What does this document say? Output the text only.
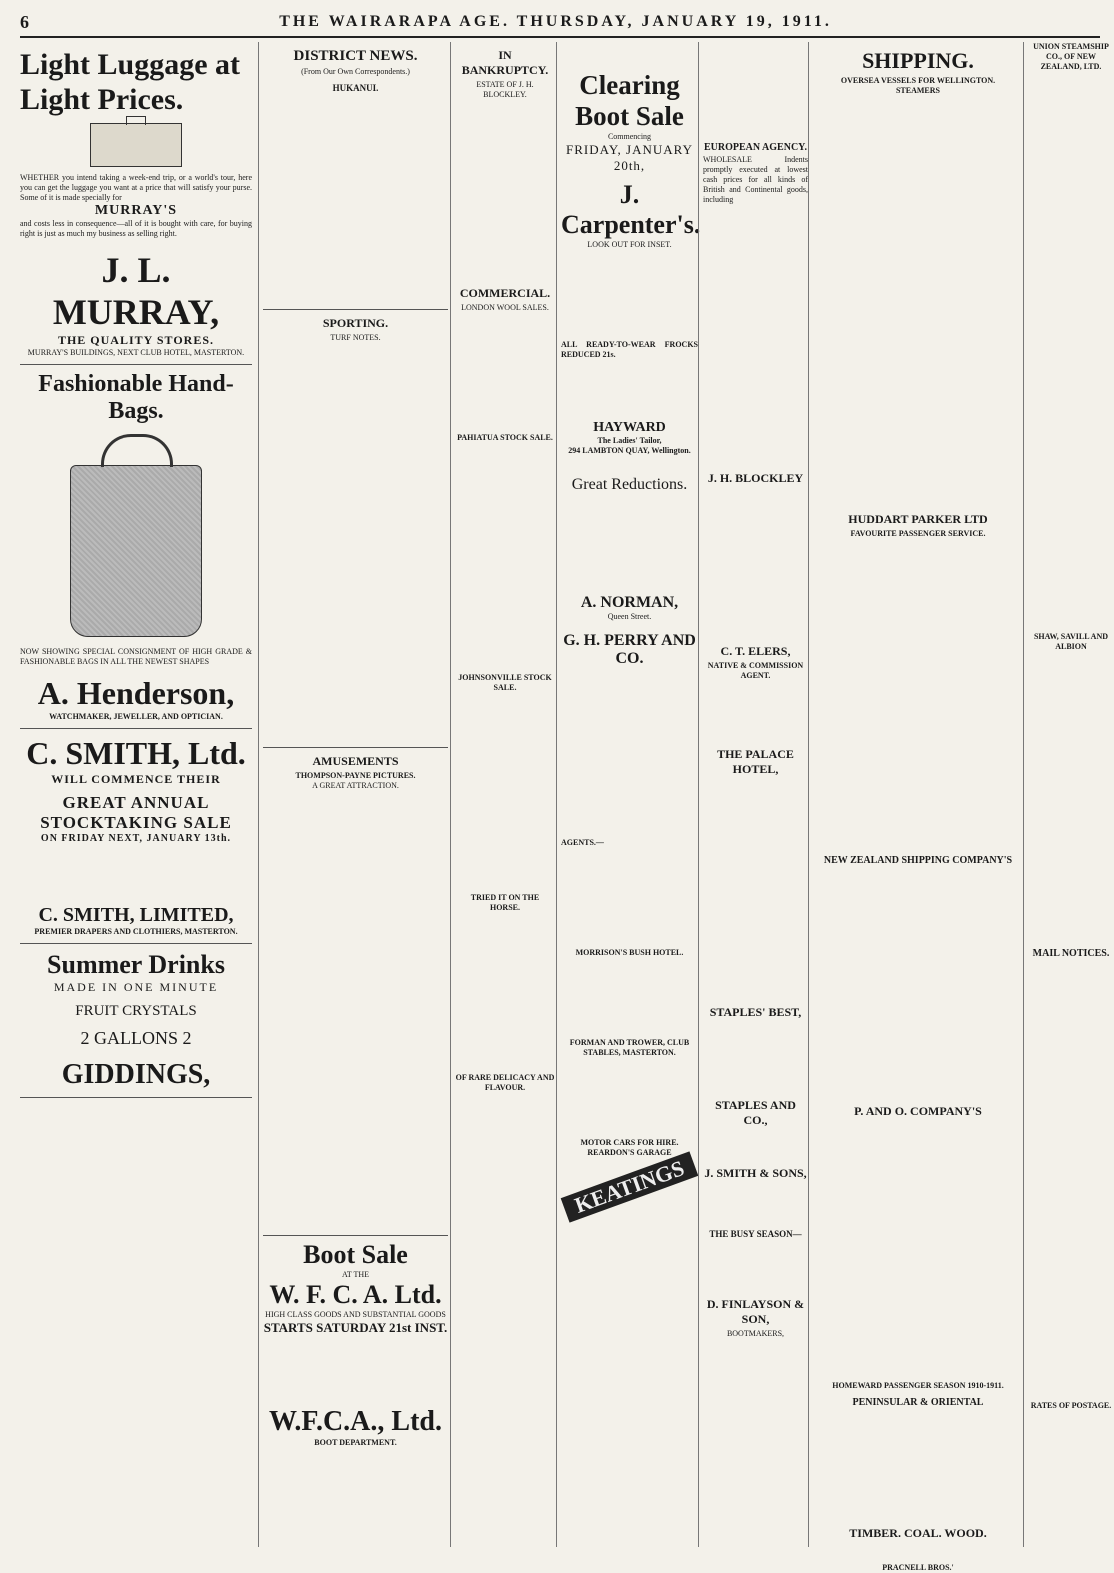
6	THE WAIRARAPA AGE. THURSDAY, JANUARY 19, 1911.
Light Luggage at Light Prices.
WHETHER you intend taking a week-end trip, or a world's tour, here you can get the luggage you want at a price that will satisfy your purse. Some of it is made specially for
MURRAY'S
and costs less in consequence—all of it is bought with care, for buying right is just as much my business as selling right.
J. L. MURRAY,
THE QUALITY STORES.
MURRAY'S BUILDINGS, NEXT CLUB HOTEL, MASTERTON.
Fashionable Hand-Bags.
NOW SHOWING SPECIAL CONSIGNMENT OF HIGH GRADE & FASHIONABLE BAGS IN ALL THE NEWEST SHAPES
A. Henderson,
WATCHMAKER, JEWELLER, AND OPTICIAN.
C. SMITH, Ltd.
WILL COMMENCE THEIR
GREAT ANNUAL STOCKTAKING SALE
ON FRIDAY NEXT, JANUARY 13th.
C. SMITH, LIMITED,
PREMIER DRAPERS AND CLOTHIERS, MASTERTON.
Summer Drinks
MADE IN ONE MINUTE
FRUIT CRYSTALS
2 GALLONS 2
GIDDINGS,
DISTRICT NEWS.
(From Our Own Correspondents.)
HUKANUI.
SPORTING.
TURF NOTES.
AMUSEMENTS
THOMPSON-PAYNE PICTURES.
A GREAT ATTRACTION.
Boot Sale
AT THE
W. F. C. A. Ltd.
HIGH CLASS GOODS AND SUBSTANTIAL GOODS
STARTS SATURDAY 21st INST.
W.F.C.A., Ltd.
BOOT DEPARTMENT.
IN BANKRUPTCY.
ESTATE OF J. H. BLOCKLEY.
COMMERCIAL.
LONDON WOOL SALES.
PAHIATUA STOCK SALE.
JOHNSONVILLE STOCK SALE.
TRIED IT ON THE HORSE.
OF RARE DELICACY AND FLAVOUR.
Clearing Boot Sale
Commencing
FRIDAY, JANUARY 20th,
J. Carpenter's.
LOOK OUT FOR INSET.
ALL READY-TO-WEAR FROCKS REDUCED 21s.
HAYWARD
The Ladies' Tailor,
294 LAMBTON QUAY, Wellington.
Great Reductions.
A. NORMAN,
Queen Street.
G. H. PERRY AND CO.
AGENTS.—
MORRISON'S BUSH HOTEL.
FORMAN AND TROWER, CLUB STABLES, MASTERTON.
MOTOR CARS FOR HIRE.
REARDON'S GARAGE
KEATINGS
EUROPEAN AGENCY.
WHOLESALE Indents promptly executed at lowest cash prices for all kinds of British and Continental goods, including
J. H. BLOCKLEY
C. T. ELERS,
NATIVE & COMMISSION AGENT.
THE PALACE HOTEL,
STAPLES' BEST,
STAPLES AND CO.,
J. SMITH & SONS,
THE BUSY SEASON—
D. FINLAYSON & SON,
BOOTMAKERS,
SHIPPING.
OVERSEA VESSELS FOR WELLINGTON.
STEAMERS
HUDDART PARKER LTD
FAVOURITE PASSENGER SERVICE.
NEW ZEALAND SHIPPING COMPANY'S
P. AND O. COMPANY'S
HOMEWARD PASSENGER SEASON 1910-1911.
PENINSULAR & ORIENTAL
TIMBER. COAL. WOOD.
PRACNELL BROS.'
UNION STEAMSHIP CO., OF NEW ZEALAND, LTD.
SHAW, SAVILL AND ALBION
MAIL NOTICES.
RATES OF POSTAGE.
